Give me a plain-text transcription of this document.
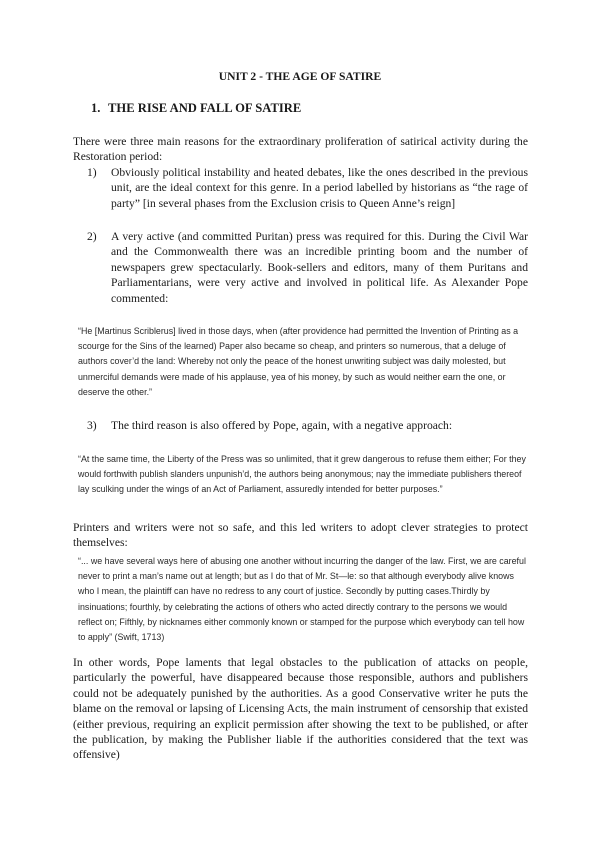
UNIT 2 - THE AGE OF SATIRE
1. THE RISE AND FALL OF SATIRE

There were three main reasons for the extraordinary proliferation of satirical activity during the Restoration period:

1)	Obviously political instability and heated debates, like the ones described in the previous unit, are the ideal context for this genre. In a period labelled by historians as “the rage of party” [in several phases from the Exclusion crisis to Queen Anne’s reign]

2)	A very active (and committed Puritan) press was required for this. During the Civil War and the Commonwealth there was an incredible printing boom and the number of newspapers grew spectacularly. Book-sellers and editors, many of them Puritans and Parliamentarians, were very active and involved in political life. As Alexander Pope commented:

“He [Martinus Scriblerus] lived in those days, when (after providence had permitted the Invention of Printing as a scourge for the Sins of the learned) Paper also became so cheap, and printers so numerous, that a deluge of authors cover’d the land: Whereby not only the peace of the honest unwriting subject was daily molested, but unmerciful demands were made of his applause, yea of his money, by such as would neither earn the one, or deserve the other.”

3)	The third reason is also offered by Pope, again, with a negative approach:

“At the same time, the Liberty of the Press was so unlimited, that it grew dangerous to refuse them either; For they would forthwith publish slanders unpunish’d, the authors being anonymous; nay the immediate publishers thereof lay sculking under the wings of an Act of Parliament, assuredly intended for better purposes.”

Printers and writers were not so safe, and this led writers to adopt clever strategies to protect themselves:

“... we have several ways here of abusing one another without incurring the danger of the law. First, we are careful never to print a man’s name out at length; but as I do that of Mr. St—le: so that although everybody alive knows who I mean, the plaintiff can have no redress to any court of justice. Secondly by putting cases.Thirdly by insinuations; fourthly, by celebrating the actions of others who acted directly contrary to the persons we would reflect on; Fifthly, by nicknames either commonly known or stamped for the purpose which everybody can tell how to apply” (Swift, 1713)

In other words, Pope laments that legal obstacles to the publication of attacks on people, particularly the powerful, have disappeared because those responsible, authors and publishers could not be adequately punished by the authorities. As a good Conservative writer he puts the blame on the removal or lapsing of Licensing Acts, the main instrument of censorship that existed (either previous, requiring an explicit permission after showing the text to be published, or after the publication, by making the Publisher liable if the authorities considered that the text was offensive)
